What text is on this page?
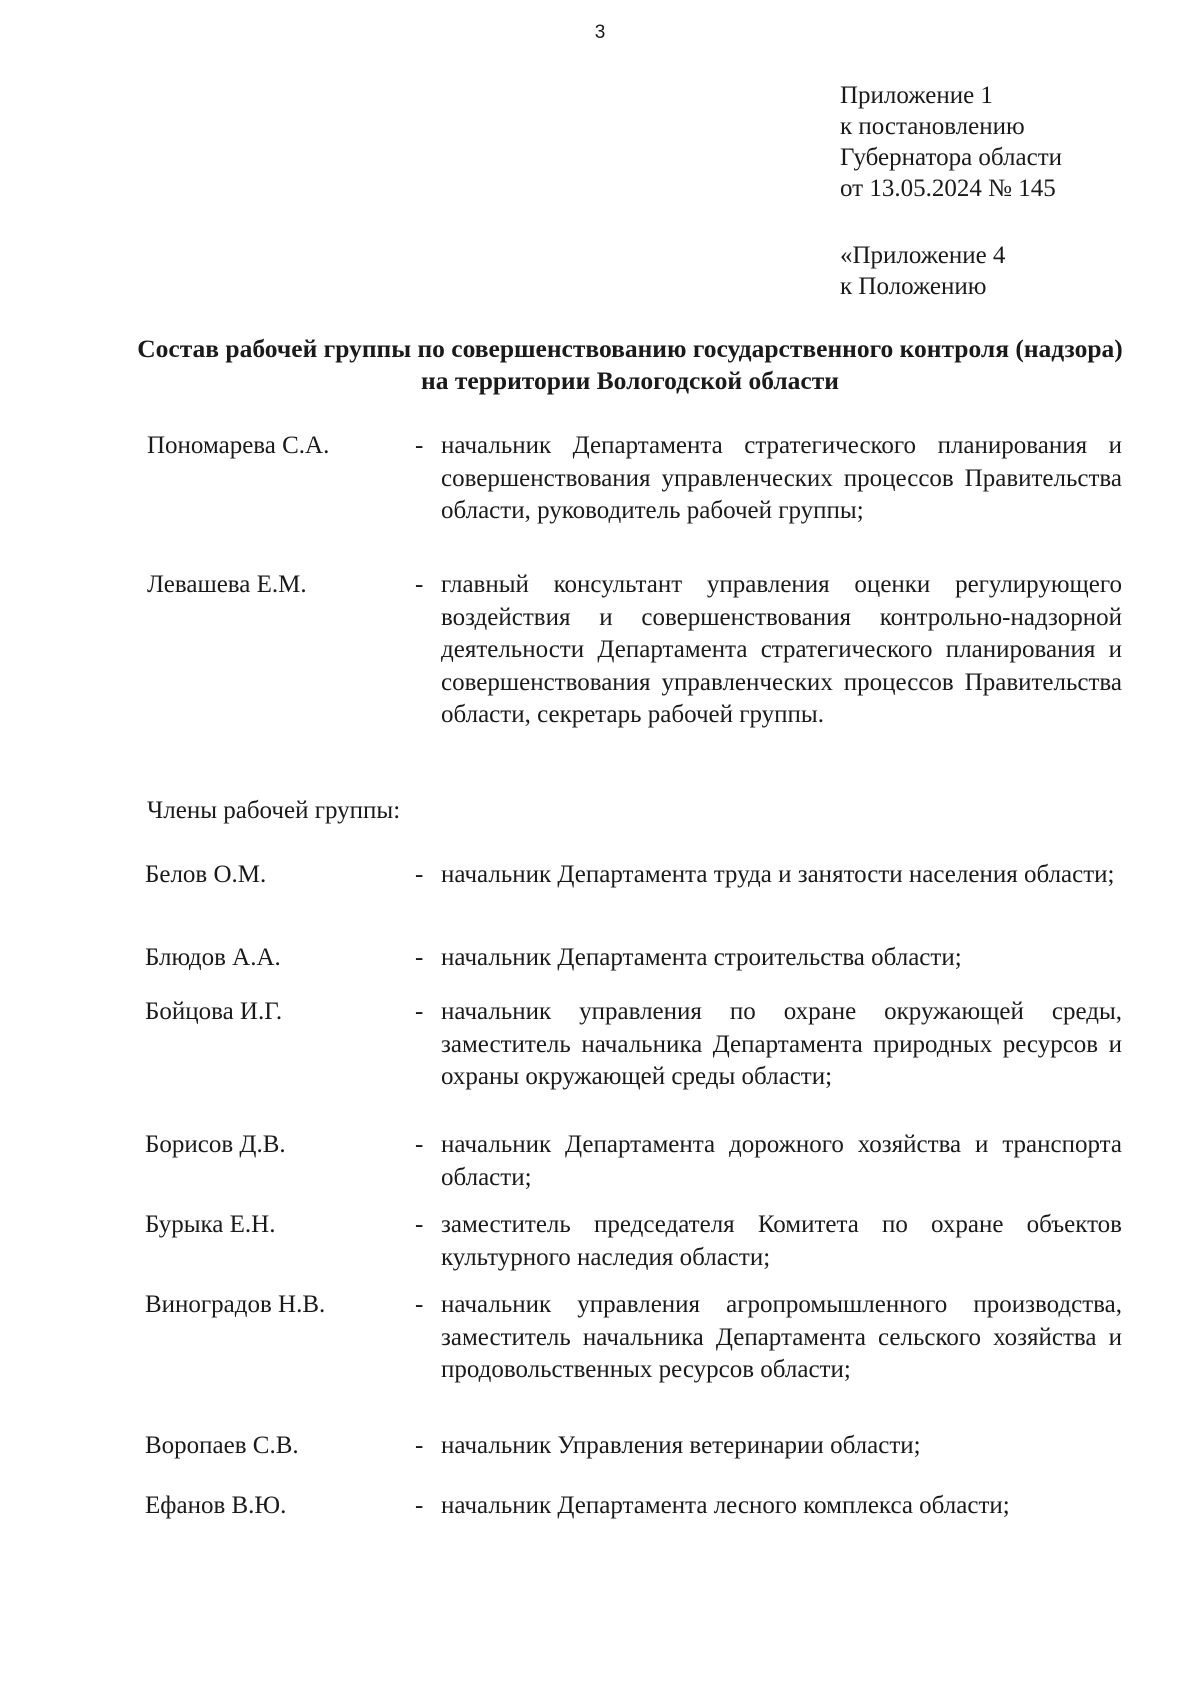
3
Приложение 1
к постановлению
Губернатора области
от 13.05.2024 № 145
«Приложение 4
к Положению
Состав рабочей группы по совершенствованию государственного контроля (надзора) на территории Вологодской области
Пономарева С.А.	- начальник Департамента стратегического планирования и совершенствования управленческих процессов Правительства области, руководитель рабочей группы;
Левашева Е.М.	- главный консультант управления оценки регулирующего воздействия и совершенствования контрольно-надзорной деятельности Департамента стратегического планирования и совершенствования управленческих процессов Правительства области, секретарь рабочей группы.
Члены рабочей группы:
Белов О.М.	- начальник Департамента труда и занятости населения области;
Блюдов А.А.	- начальник Департамента строительства области;
Бойцова И.Г.	- начальник управления по охране окружающей среды, заместитель начальника Департамента природных ресурсов и охраны окружающей среды области;
Борисов Д.В.	- начальник Департамента дорожного хозяйства и транспорта области;
Бурыка Е.Н.	- заместитель председателя Комитета по охране объектов культурного наследия области;
Виноградов Н.В.	- начальник управления агропромышленного производства, заместитель начальника Департамента сельского хозяйства и продовольственных ресурсов области;
Воропаев С.В.	- начальник Управления ветеринарии области;
Ефанов В.Ю.	- начальник Департамента лесного комплекса области;
